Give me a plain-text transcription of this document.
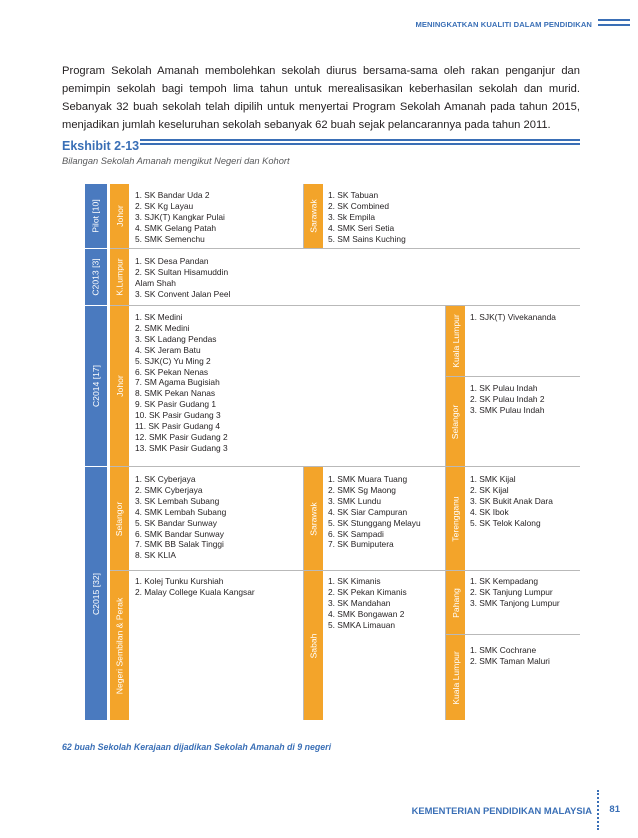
MENINGKATKAN KUALITI DALAM PENDIDIKAN
Program Sekolah Amanah membolehkan sekolah diurus bersama-sama oleh rakan penganjur dan pemimpin sekolah bagi tempoh lima tahun untuk merealisasikan keberhasilan sekolah dan murid. Sebanyak 32 buah sekolah telah dipilih untuk menyertai Program Sekolah Amanah pada tahun 2015, menjadikan jumlah keseluruhan sekolah sebanyak 62 buah sejak pelancarannya pada tahun 2011.
Ekshibit 2-13
Bilangan Sekolah Amanah mengikut Negeri dan Kohort
Pilot [10]
C2013 [3]
C2014 [17]
C2015 [32]
Johor
K.Lumpur
Johor
Selangor
Negeri Sembilan & Perak
Sarawak
Sarawak
Sabah
Kuala Lumpur
Selangor
Terengganu
Pahang
Kuala Lumpur
1. SK Bandar Uda 2
2. SK Kg Layau
3. SJK(T) Kangkar Pulai
4. SMK Gelang Patah
5. SMK Semenchu
1. SK Tabuan
2. SK Combined
3. Sk Empila
4. SMK Seri Setia
5. SM Sains Kuching
1. SK Desa Pandan
2. SK Sultan Hisamuddin
Alam Shah
3. SK Convent Jalan Peel
1. SK Medini
2. SMK Medini
3. SK Ladang Pendas
4. SK Jeram Batu
5. SJK(C) Yu Ming 2
6. SK Pekan Nenas
7. SM Agama Bugisiah
8. SMK Pekan Nanas
9. SK Pasir Gudang 1
10. SK Pasir Gudang 3
11. SK Pasir Gudang 4
12. SMK Pasir Gudang 2
13. SMK Pasir Gudang 3
1. SJK(T) Vivekananda
1. SK Pulau Indah
2. SK Pulau Indah 2
3. SMK Pulau Indah
1. SK Cyberjaya
2. SMK Cyberjaya
3. SK Lembah Subang
4. SMK Lembah Subang
5. SK Bandar Sunway
6. SMK Bandar Sunway
7. SMK BB Salak Tinggi
8. SK KLIA
1. SMK Muara Tuang
2. SMK Sg Maong
3. SMK Lundu
4. SK Siar Campuran
5. SK Stunggang Melayu
6. SK Sampadi
7. SK Bumiputera
1. SMK Kijal
2. SK Kijal
3. SK Bukit Anak Dara
4. SK Ibok
5. SK Telok Kalong
1. Kolej Tunku Kurshiah
2. Malay College Kuala Kangsar
1. SK Kimanis
2. SK Pekan Kimanis
3. SK Mandahan
4. SMK Bongawan 2
5. SMKA Limauan
1. SK Kempadang
2. SK Tanjung Lumpur
3. SMK Tanjong Lumpur
1. SMK Cochrane
2. SMK Taman Maluri
62 buah Sekolah Kerajaan dijadikan Sekolah Amanah di 9 negeri
KEMENTERIAN PENDIDIKAN MALAYSIA 81
